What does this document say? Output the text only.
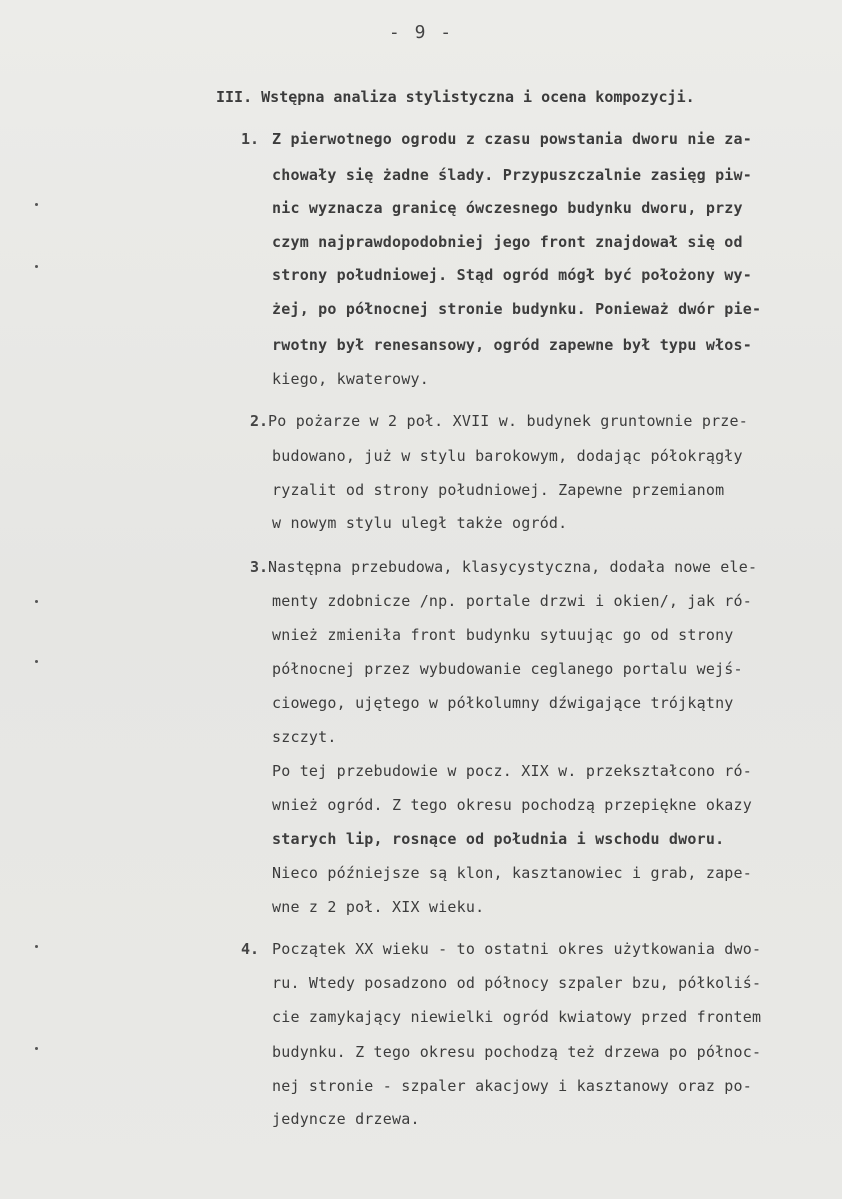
- 9 -
III. Wstępna analiza stylistyczna i ocena kompozycji.
1. Z pierwotnego ogrodu z czasu powstania dworu nie za-
chowały się żadne ślady. Przypuszczalnie zasięg piw-
nic wyznacza granicę ówczesnego budynku dworu, przy
czym najprawdopodobniej jego front znajdował się od
strony południowej. Stąd ogród mógł być położony wy-
żej, po północnej stronie budynku. Ponieważ dwór pie-
rwotny był renesansowy, ogród zapewne był typu włos-
kiego, kwaterowy.
2. Po pożarze w 2 poł. XVII w. budynek gruntownie prze-
budowano, już w stylu barokowym, dodając półokrągły
ryzalit od strony południowej. Zapewne przemianom
w nowym stylu uległ także ogród.
3. Następna przebudowa, klasycystyczna, dodała nowe ele-
menty zdobnicze /np. portale drzwi i okien/, jak ró-
wnież zmieniła front budynku sytuując go od strony
północnej przez wybudowanie ceglanego portalu wejś-
ciowego, ujętego w półkolumny dźwigające trójkątny
szczyt.
Po tej przebudowie w pocz. XIX w. przekształcono ró-
wnież ogród. Z tego okresu pochodzą przepiękne okazy
starych lip, rosnące od południa i wschodu dworu.
Nieco późniejsze są klon, kasztanowiec i grab, zape-
wne z 2 poł. XIX wieku.
4. Początek XX wieku - to ostatni okres użytkowania dwo-
ru. Wtedy posadzono od północy szpaler bzu, półkoliś-
cie zamykający niewielki ogród kwiatowy przed frontem
budynku. Z tego okresu pochodzą też drzewa po północ-
nej stronie - szpaler akacjowy i kasztanowy oraz po-
jedyncze drzewa.
